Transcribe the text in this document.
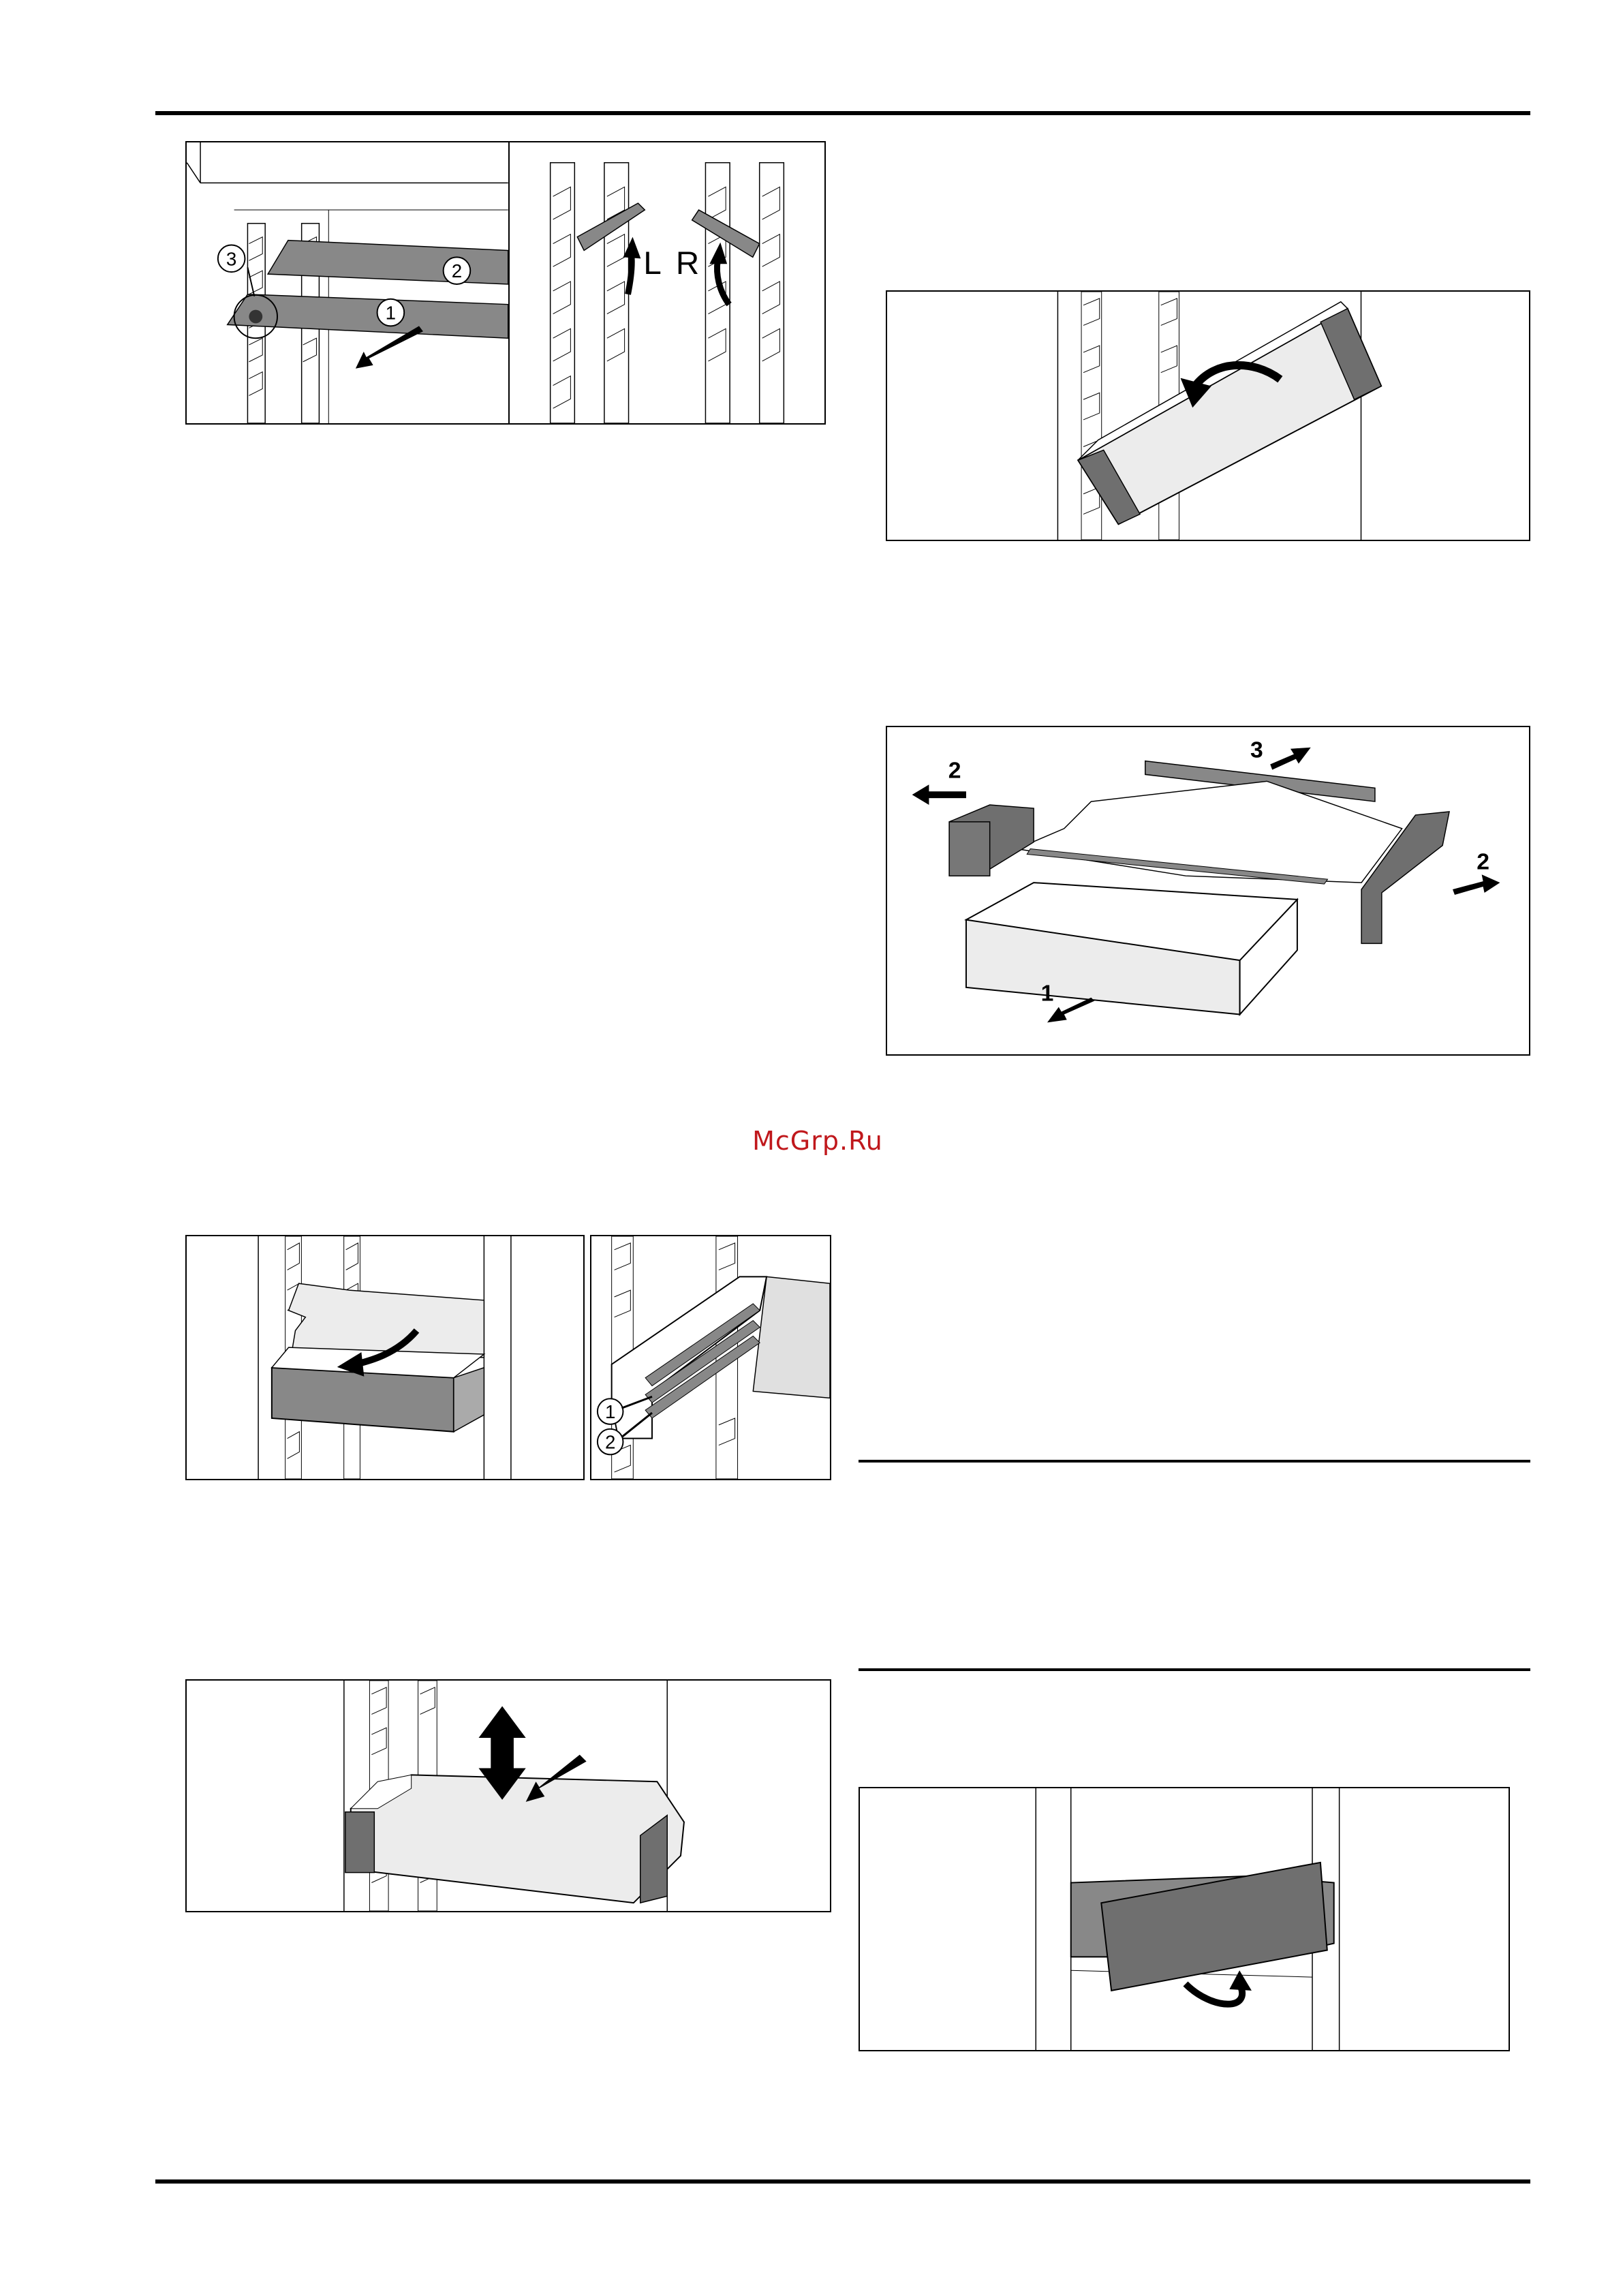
3
2
1
L R
2
3
2
1
McGrp.Ru
1
2
